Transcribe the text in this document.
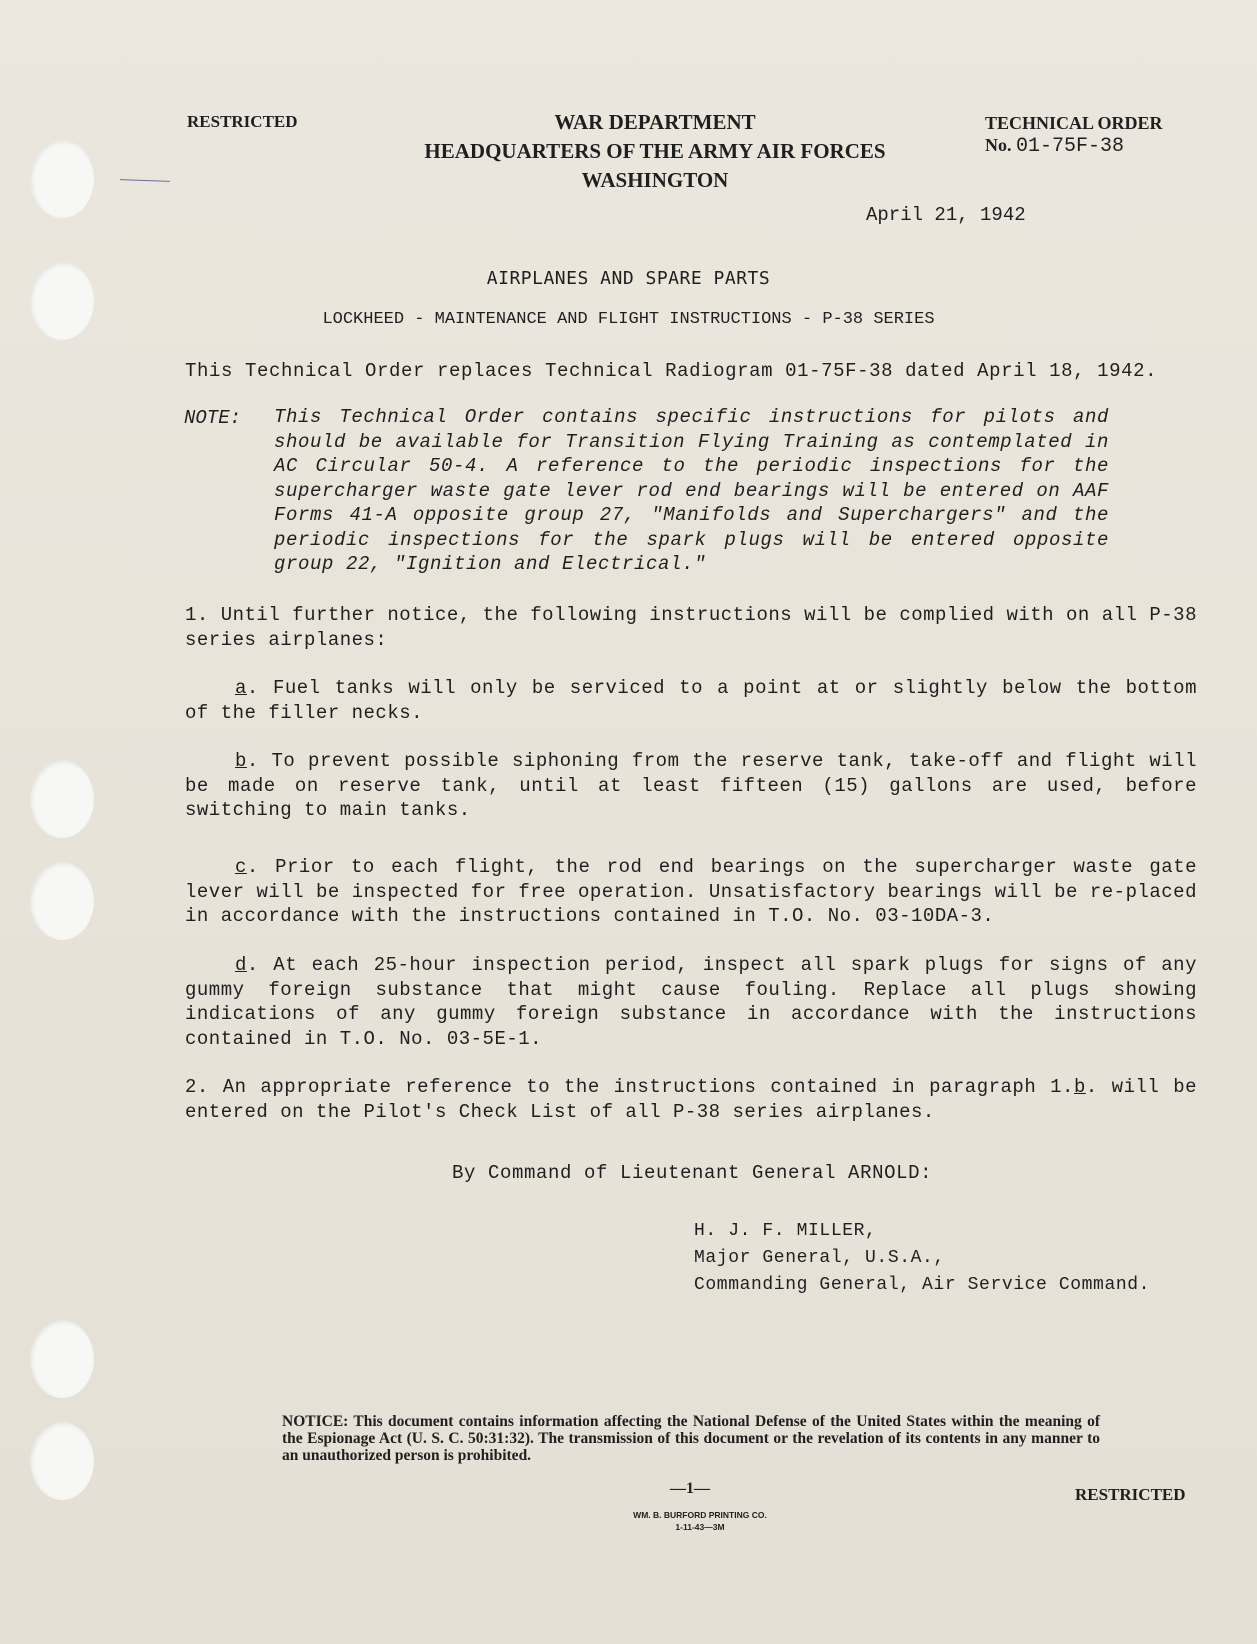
RESTRICTED	WAR DEPARTMENT
HEADQUARTERS OF THE ARMY AIR FORCES
WASHINGTON
TECHNICAL ORDER
No. 01-75F-38
April 21, 1942
AIRPLANES AND SPARE PARTS
LOCKHEED - MAINTENANCE AND FLIGHT INSTRUCTIONS - P-38 SERIES
This Technical Order replaces Technical Radiogram 01-75F-38 dated April 18, 1942.
NOTE: This Technical Order contains specific instructions for pilots and should be available for Transition Flying Training as contemplated in AC Circular 50-4. A reference to the periodic inspections for the supercharger waste gate lever rod end bearings will be entered on AAF Forms 41-A opposite group 27, "Manifolds and Superchargers" and the periodic inspections for the spark plugs will be entered opposite group 22, "Ignition and Electrical."
1. Until further notice, the following instructions will be complied with on all P-38 series airplanes:
a. Fuel tanks will only be serviced to a point at or slightly below the bottom of the filler necks.
b. To prevent possible siphoning from the reserve tank, take-off and flight will be made on reserve tank, until at least fifteen (15) gallons are used, before switching to main tanks.
c. Prior to each flight, the rod end bearings on the supercharger waste gate lever will be inspected for free operation. Unsatisfactory bearings will be re-placed in accordance with the instructions contained in T.O. No. 03-10DA-3.
d. At each 25-hour inspection period, inspect all spark plugs for signs of any gummy foreign substance that might cause fouling. Replace all plugs showing indications of any gummy foreign substance in accordance with the instructions contained in T.O. No. 03-5E-1.
2. An appropriate reference to the instructions contained in paragraph 1.b. will be entered on the Pilot's Check List of all P-38 series airplanes.
By Command of Lieutenant General ARNOLD:
H. J. F. MILLER,
Major General, U.S.A.,
Commanding General, Air Service Command.
NOTICE: This document contains information affecting the National Defense of the United States within the meaning of the Espionage Act (U. S. C. 50:31:32). The transmission of this document or the revelation of its contents in any manner to an unauthorized person is prohibited.
—1—	RESTRICTED
WM. B. BURFORD PRINTING CO.
1-11-43—3M
